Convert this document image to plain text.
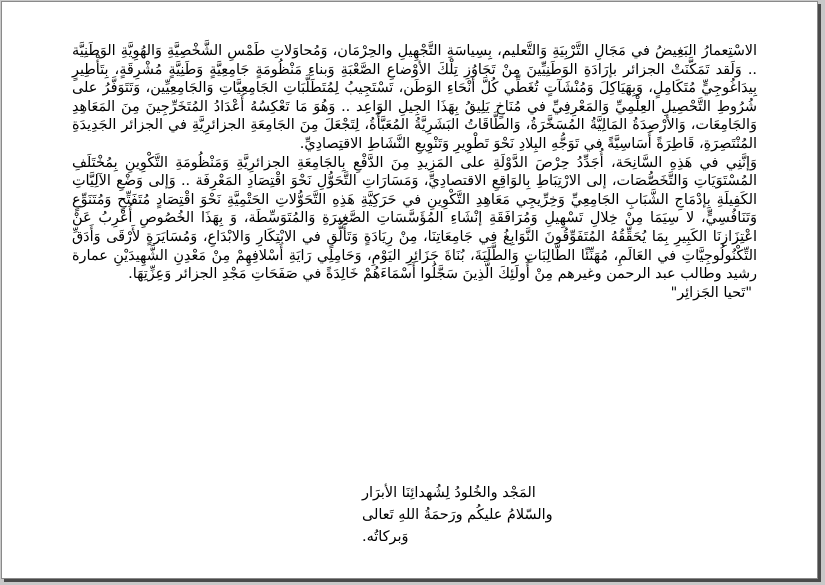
الاسْتِعمارُ البَغِيضُ في مَجَالِ التَّرْبِيَةِ وَالتَّعليم، بِسِياسَةِ التَّجْهِيلِ والحِرْمَان، وَمُحاوَلاتِ طَمْسِ الشَّخْصِيَّةِ وَالهُوِيَّةِ الوَطَنِيَّة .. وَلَقد تَمَكَّنَتْ الجزائر بإرَادَةِ الوَطَنِيِّينَ مِنْ تَجَاوُزِ تِلْكَ الأوْضاعِ الصَّعْبَةِ وَبناءِ مَنْظُومَةٍ جَامِعِيَّةٍ وَطَنِيَّةٍ مُشْرِقَةٍ، بِتَأْطِيرٍ بِيدَاغُوجِيٍّ مُتَكَامِلٍ، وَبِهَيَاكِلَ وَمُنْشَآتٍ تُغَطِّي كُلَّ أنْحَاءِ الوَطَن، تَسْتَجِيبُ لِمُتَطَلَّبَاتِ الجَامِعِيَّاتِ وَالجَامِعِيِّين، وَتَتَوَفَّرُ على شُرُوطِ التَّحْصِيلِ العِلْمِيِّ وَالمَعْرِفِيِّ في مُنَاخٍ يَلِيقُ بِهَذَا الجِيلِ الوَاعِد .. وَهُوَ مَا تَعْكِسُهُ أَعْدَادُ المُتَخَرِّجِينَ مِنَ المَعَاهِدِ وَالجَامِعَات، وَالأرْصِدَةُ المَالِيَّةُ المُسَخَّرَةُ، وَالطَّاقَاتُ البَشَرِيَّةُ المُعَبَّأَةُ، لِتَجْعَلَ مِنَ الجَامِعَةِ الجزائرِيَّةِ في الجزائر الجَدِيدَةِ المُنْتَصِرَةِ، قَاطِرَةً أَسَاسِيَّةً في تَوَجُّهِ البِلادِ نَحْوَ تَطْوِيرِ وَتَنْوِيعِ النَّشَاطِ الاقتِصادِيِّ.

وَإنَّنِي في هَذِهِ السَّانِحَة، أُجَدِّدُ حِرْصَ الدَّوْلَةِ على المَزِيدِ مِنَ الدَّفْعِ بِالجَامِعَةِ الجزائرِيَّةِ وَمَنْظُومَةِ التَّكْوِينِ بِمُخْتَلَفِ المُسْتَوَيَاتِ وَالتَّخَصُّصَات، إلى الارْتِبَاطِ بِالوَاقِعِ الاقتصادِيِّ، وَمَسَارَاتِ التَّحَوُّلِ نَحْوَ اقْتِصَادِ المَعْرِفَة .. وَإلى وَضْعِ الآلِيَّاتِ الكَفِيلَةِ بِإدْمَاجِ الشَّبَابِ الجَامِعِيِّ وَخِرِّيجِي مَعَاهِدِ التَّكْوِينِ في حَرَكِيَّةِ هَذِهِ التَّحَوُّلاتِ الحَتْمِيَّةِ نَحْوَ اقْتِصَادٍ مُتَفَتِّحٍ وَمُتَنَوِّعٍ وَتَنَافُسِيٍّ، لا سِيَمَا مِنْ خِلالِ تَسْهِيلِ وَمُرَافَقَةِ إنْشَاءِ المُؤَسَّسَاتِ الصَّغِيرَةِ وَالمُتَوَسِّطَة، وَ بِهَذَا الخُصُوصِ أُعْرِبُ عَنْ اعْتِزَازِنَا الكَبِيرِ بِمَا يُحَقِّقُهُ المُتَفَوِّقُونَ النَّوَابِغُ في جَامِعَاتِنَا، مِنْ رِيَادَةٍ وَتَأَلُّقٍ في الابْتِكَارِ وَالابْدَاعِ، وَمُسَايَرَةٍ لأَرْقَى وَأَدَقِّ التِّكْنُولُوجِيَّاتِ في العَالَمِ، مُهَنِّئًا الطَّالِبَاتِ وَالطَّلَبَةَ، بُنَاةَ جَزَائِرِ اليَوْمِ، وَحَامِلِي رَايَةِ أَسْلافِهِمْ مِنْ مَعْدِنِ الشَّهِيدَيْنِ عمارة رشيد وطالب عبد الرحمن وغيرهم مِنْ أُولَئِكَ الَّذِينَ سَجَّلُوا أَسْمَاءَهُمْ خَالِدَةً في صَفَحَاتِ مَجْدِ الجزائر وَعِزِّتِهَا.

"تَحيا الجَزائِر"

المَجْد والخُلودُ لِشُهدائِنَا الأبرَار
والسّلامُ عليكُم ورَحمَةُ اللهِ تَعالى وَبركاتُه.
